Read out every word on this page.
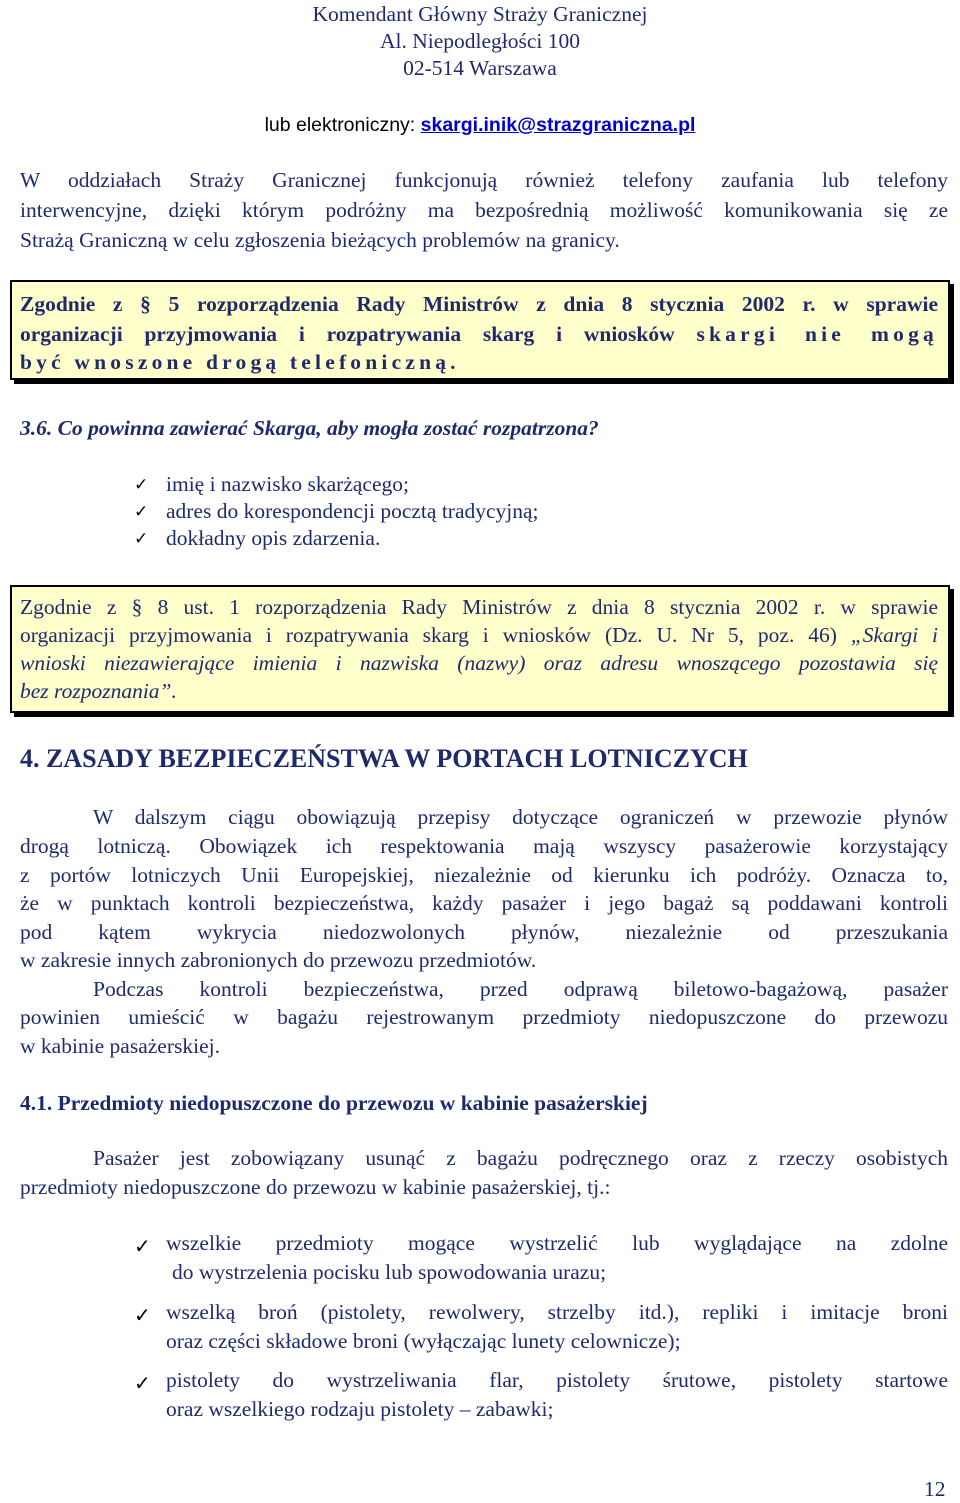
Komendant Główny Straży Granicznej
Al. Niepodległości 100
02-514 Warszawa
lub elektroniczny: skargi.inik@strazgraniczna.pl
W oddziałach Straży Granicznej funkcjonują również telefony zaufania lub telefony
interwencyjne, dzięki którym podróżny ma bezpośrednią możliwość komunikowania się ze
Strażą Graniczną w celu zgłoszenia bieżących problemów na granicy.
Zgodnie z § 5 rozporządzenia Rady Ministrów z dnia 8 stycznia 2002 r. w sprawie
organizacji przyjmowania i rozpatrywania skarg i wniosków skargi nie mogą
być wnoszone drogą telefoniczną.
3.6. Co powinna zawierać Skarga, aby mogła zostać rozpatrzona?
✓ imię i nazwisko skarżącego;
✓ adres do korespondencji pocztą tradycyjną;
✓ dokładny opis zdarzenia.
Zgodnie z § 8 ust. 1 rozporządzenia Rady Ministrów z dnia 8 stycznia 2002 r. w sprawie
organizacji przyjmowania i rozpatrywania skarg i wniosków (Dz. U. Nr 5, poz. 46) „Skargi i
wnioski niezawierające imienia i nazwiska (nazwy) oraz adresu wnoszącego pozostawia się
bez rozpoznania”.
4. ZASADY BEZPIECZEŃSTWA W PORTACH LOTNICZYCH
W dalszym ciągu obowiązują przepisy dotyczące ograniczeń w przewozie płynów
drogą lotniczą. Obowiązek ich respektowania mają wszyscy pasażerowie korzystający
z portów lotniczych Unii Europejskiej, niezależnie od kierunku ich podróży. Oznacza to,
że w punktach kontroli bezpieczeństwa, każdy pasażer i jego bagaż są poddawani kontroli
pod kątem wykrycia niedozwolonych płynów, niezależnie od przeszukania
w zakresie innych zabronionych do przewozu przedmiotów.
Podczas kontroli bezpieczeństwa, przed odprawą biletowo-bagażową, pasażer
powinien umieścić w bagażu rejestrowanym przedmioty niedopuszczone do przewozu
w kabinie pasażerskiej.
4.1. Przedmioty niedopuszczone do przewozu w kabinie pasażerskiej
Pasażer jest zobowiązany usunąć z bagażu podręcznego oraz z rzeczy osobistych
przedmioty niedopuszczone do przewozu w kabinie pasażerskiej, tj.:
✓ wszelkie przedmioty mogące wystrzelić lub wyglądające na zdolne
do wystrzelenia pocisku lub spowodowania urazu;
✓ wszelką broń (pistolety, rewolwery, strzelby itd.), repliki i imitacje broni
oraz części składowe broni (wyłączając lunety celownicze);
✓ pistolety do wystrzeliwania flar, pistolety śrutowe, pistolety startowe
oraz wszelkiego rodzaju pistolety – zabawki;
12
